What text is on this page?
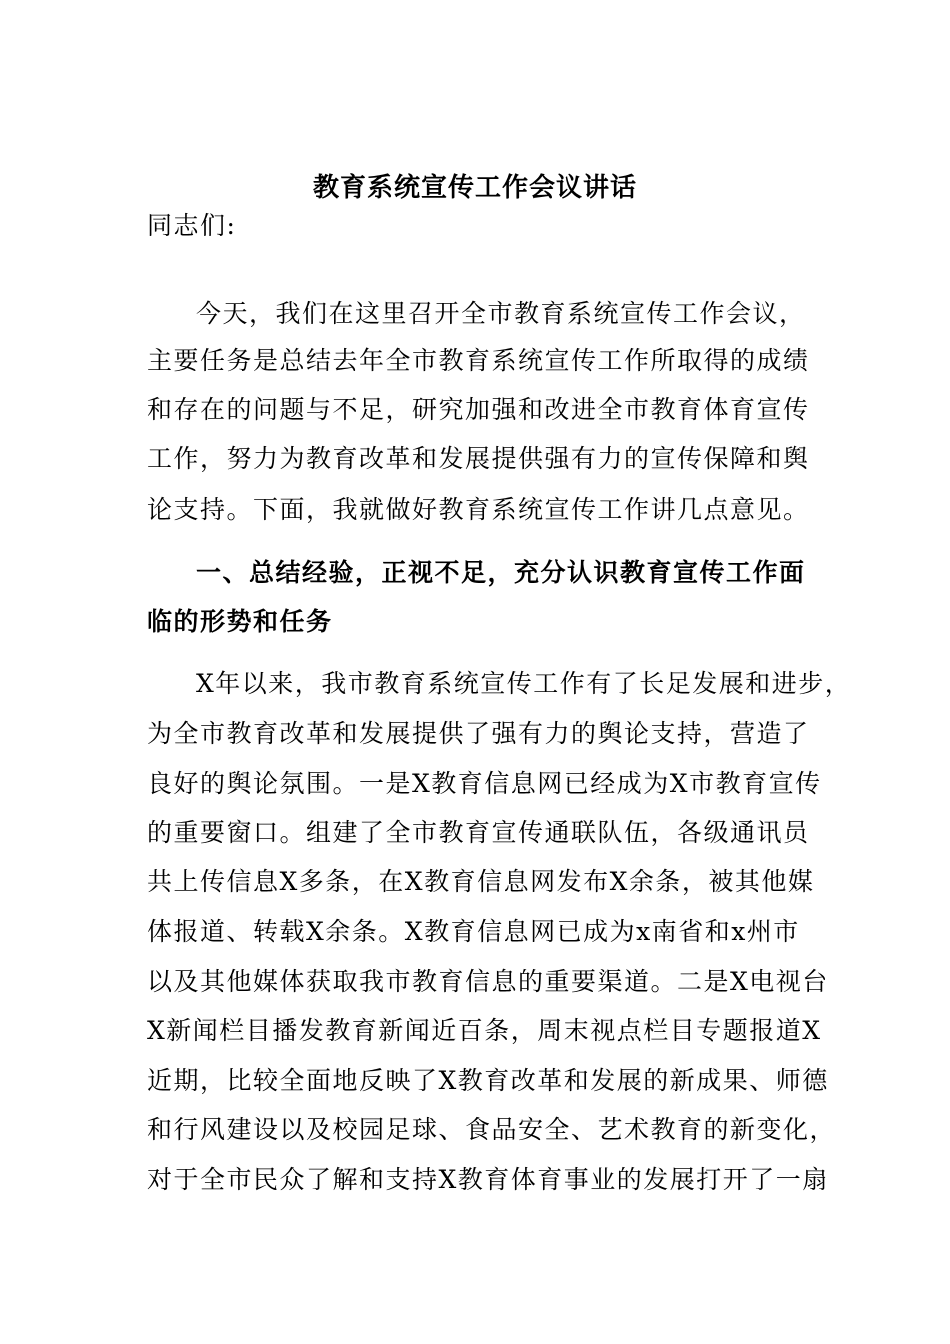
教育系统宣传工作会议讲话
同志们:
今天，我们在这里召开全市教育系统宣传工作会议，
主要任务是总结去年全市教育系统宣传工作所取得的成绩
和存在的问题与不足，研究加强和改进全市教育体育宣传
工作，努力为教育改革和发展提供强有力的宣传保障和舆
论支持。下面，我就做好教育系统宣传工作讲几点意见。
一、总结经验，正视不足，充分认识教育宣传工作面
临的形势和任务
X年以来，我市教育系统宣传工作有了长足发展和进步，
为全市教育改革和发展提供了强有力的舆论支持，营造了
良好的舆论氛围。一是X教育信息网已经成为X市教育宣传
的重要窗口。组建了全市教育宣传通联队伍，各级通讯员
共上传信息X多条，在X教育信息网发布X余条，被其他媒
体报道、转载X余条。X教育信息网已成为x南省和x州市
以及其他媒体获取我市教育信息的重要渠道。二是X电视台
X新闻栏目播发教育新闻近百条，周末视点栏目专题报道X
近期，比较全面地反映了X教育改革和发展的新成果、师德
和行风建设以及校园足球、食品安全、艺术教育的新变化，
对于全市民众了解和支持X教育体育事业的发展打开了一扇
